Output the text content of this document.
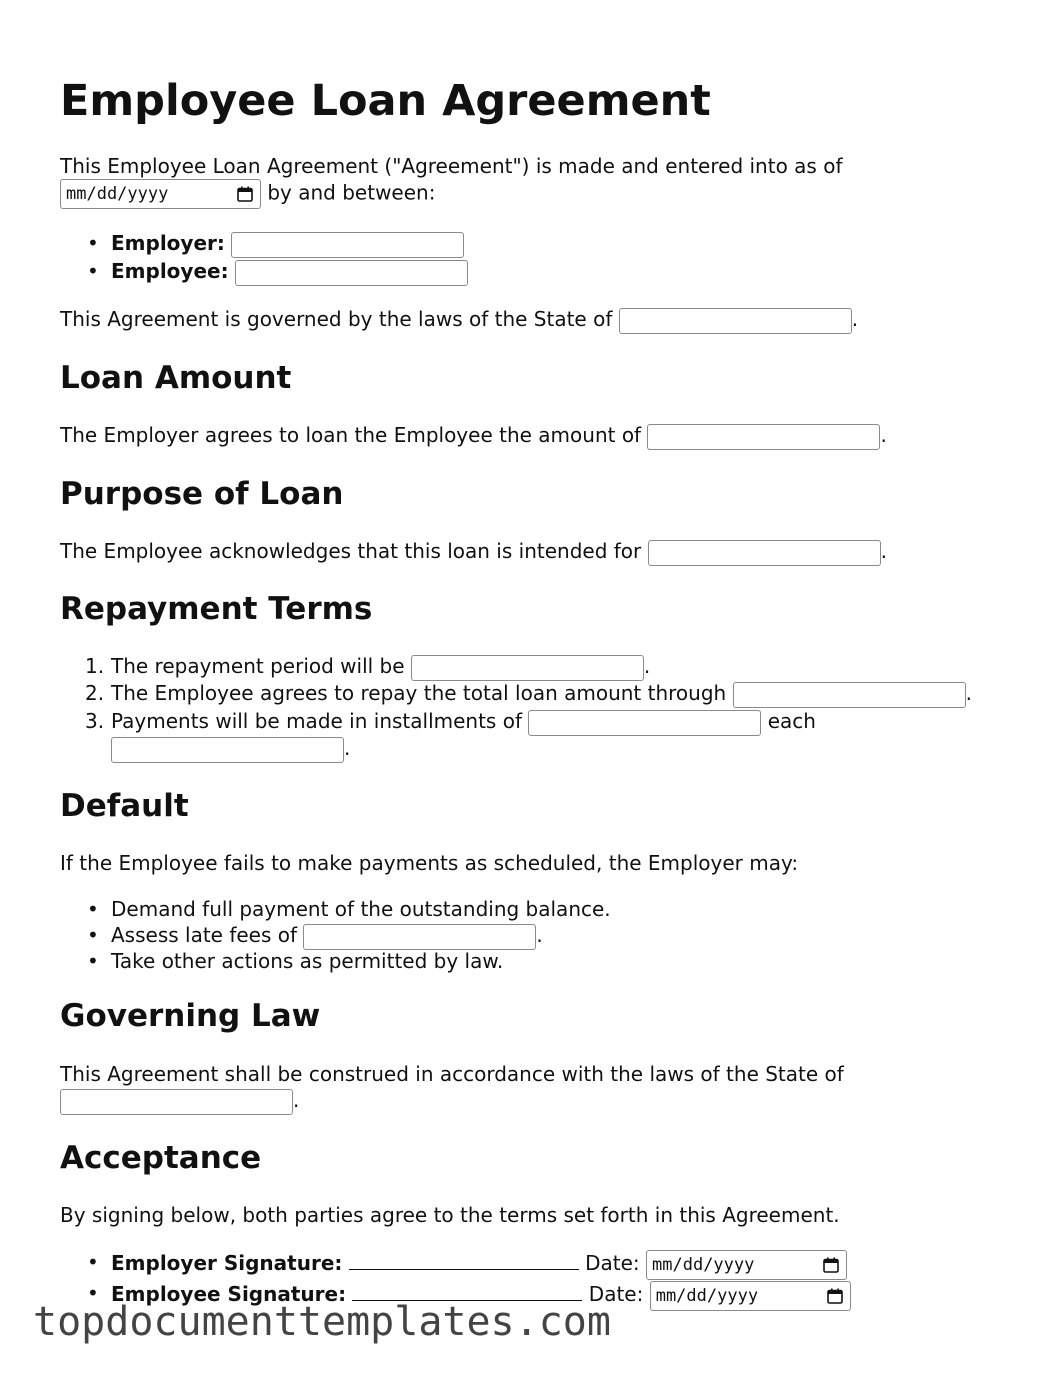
Employee Loan Agreement
This Employee Loan Agreement ("Agreement") is made and entered into as of
mm/dd/yyyy	by and between:
• Employer:
• Employee:
This Agreement is governed by the laws of the State of	.
Loan Amount
The Employer agrees to loan the Employee the amount of	.
Purpose of Loan
The Employee acknowledges that this loan is intended for	.
Repayment Terms
1. The repayment period will be	.
2. The Employee agrees to repay the total loan amount through	.
3. Payments will be made in installments of	each
.
Default
If the Employee fails to make payments as scheduled, the Employer may:
• Demand full payment of the outstanding balance.
• Assess late fees of	.
• Take other actions as permitted by law.
Governing Law
This Agreement shall be construed in accordance with the laws of the State of
.
Acceptance
By signing below, both parties agree to the terms set forth in this Agreement.
• Employer Signature:	Date: mm/dd/yyyy
• Employee Signature:	Date: mm/dd/yyyy
topdocumenttemplates.com
